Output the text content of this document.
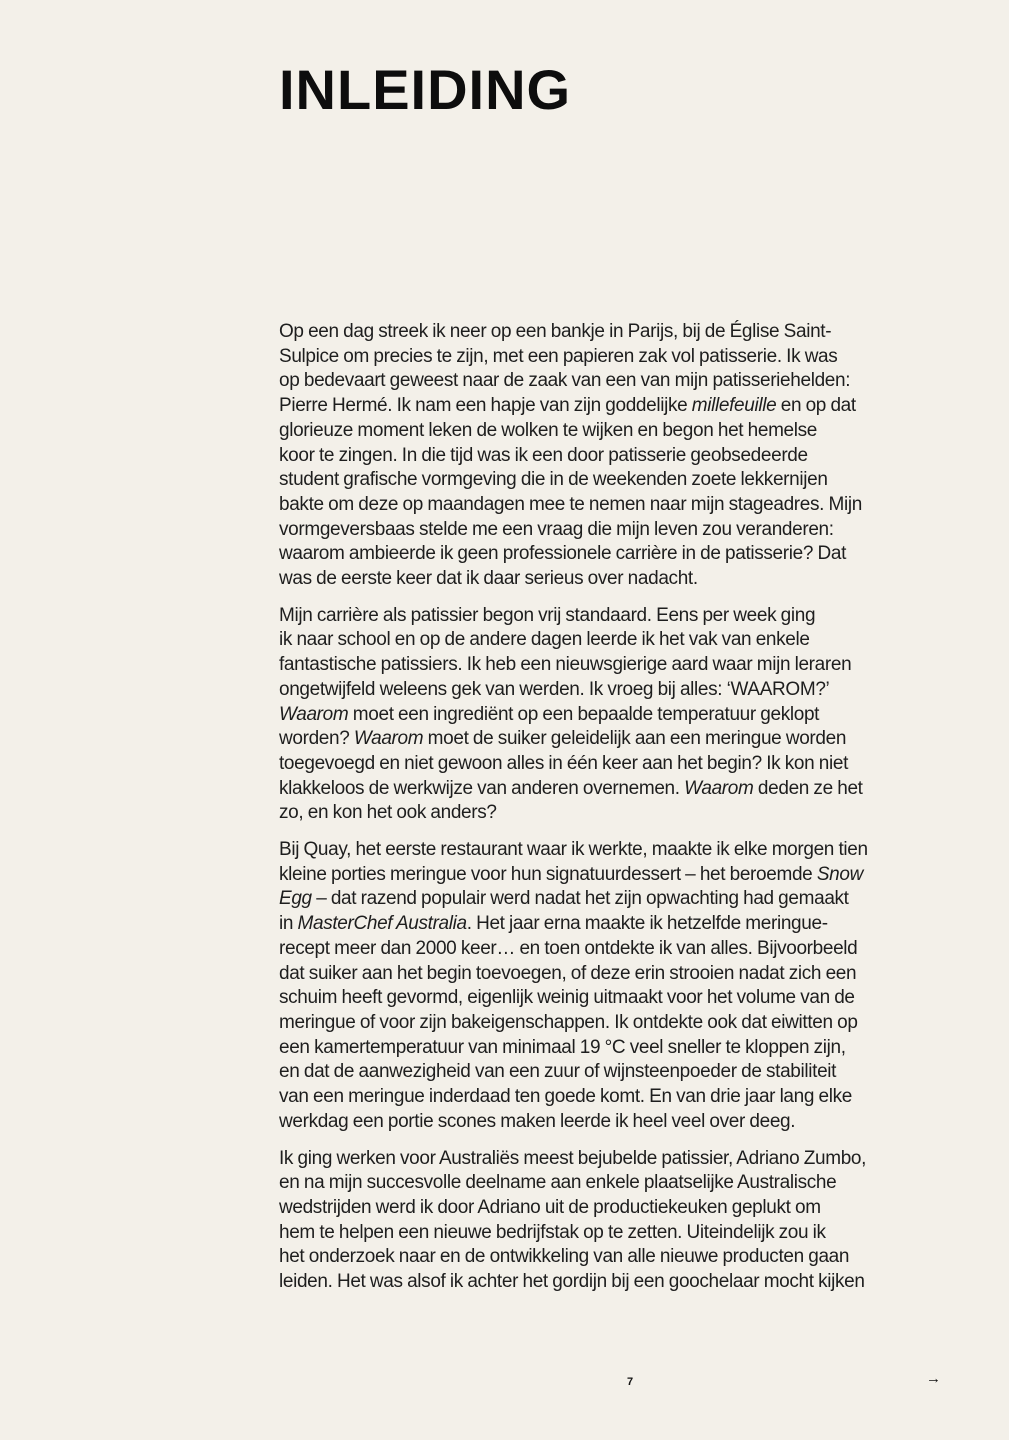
INLEIDING

Op een dag streek ik neer op een bankje in Parijs, bij de Église Saint-
Sulpice om precies te zijn, met een papieren zak vol patisserie. Ik was
op bedevaart geweest naar de zaak van een van mijn patisseriehelden:
Pierre Hermé. Ik nam een hapje van zijn goddelijke millefeuille en op dat
glorieuze moment leken de wolken te wijken en begon het hemelse
koor te zingen. In die tijd was ik een door patisserie geobsedeerde
student grafische vormgeving die in de weekenden zoete lekkernijen
bakte om deze op maandagen mee te nemen naar mijn stageadres. Mijn
vormgeversbaas stelde me een vraag die mijn leven zou veranderen:
waarom ambieerde ik geen professionele carrière in de patisserie? Dat
was de eerste keer dat ik daar serieus over nadacht.

Mijn carrière als patissier begon vrij standaard. Eens per week ging
ik naar school en op de andere dagen leerde ik het vak van enkele
fantastische patissiers. Ik heb een nieuwsgierige aard waar mijn leraren
ongetwijfeld weleens gek van werden. Ik vroeg bij alles: ‘WAAROM?’
Waarom moet een ingrediënt op een bepaalde temperatuur geklopt
worden? Waarom moet de suiker geleidelijk aan een meringue worden
toegevoegd en niet gewoon alles in één keer aan het begin? Ik kon niet
klakkeloos de werkwijze van anderen overnemen. Waarom deden ze het
zo, en kon het ook anders?

Bij Quay, het eerste restaurant waar ik werkte, maakte ik elke morgen tien
kleine porties meringue voor hun signatuurdessert – het beroemde Snow
Egg – dat razend populair werd nadat het zijn opwachting had gemaakt
in MasterChef Australia. Het jaar erna maakte ik hetzelfde meringue-
recept meer dan 2000 keer… en toen ontdekte ik van alles. Bijvoorbeeld
dat suiker aan het begin toevoegen, of deze erin strooien nadat zich een
schuim heeft gevormd, eigenlijk weinig uitmaakt voor het volume van de
meringue of voor zijn bakeigenschappen. Ik ontdekte ook dat eiwitten op
een kamertemperatuur van minimaal 19 °C veel sneller te kloppen zijn,
en dat de aanwezigheid van een zuur of wijnsteenpoeder de stabiliteit
van een meringue inderdaad ten goede komt. En van drie jaar lang elke
werkdag een portie scones maken leerde ik heel veel over deeg.

Ik ging werken voor Australiës meest bejubelde patissier, Adriano Zumbo,
en na mijn succesvolle deelname aan enkele plaatselijke Australische
wedstrijden werd ik door Adriano uit de productiekeuken geplukt om
hem te helpen een nieuwe bedrijfstak op te zetten. Uiteindelijk zou ik
het onderzoek naar en de ontwikkeling van alle nieuwe producten gaan
leiden. Het was alsof ik achter het gordijn bij een goochelaar mocht kijken

7	→
